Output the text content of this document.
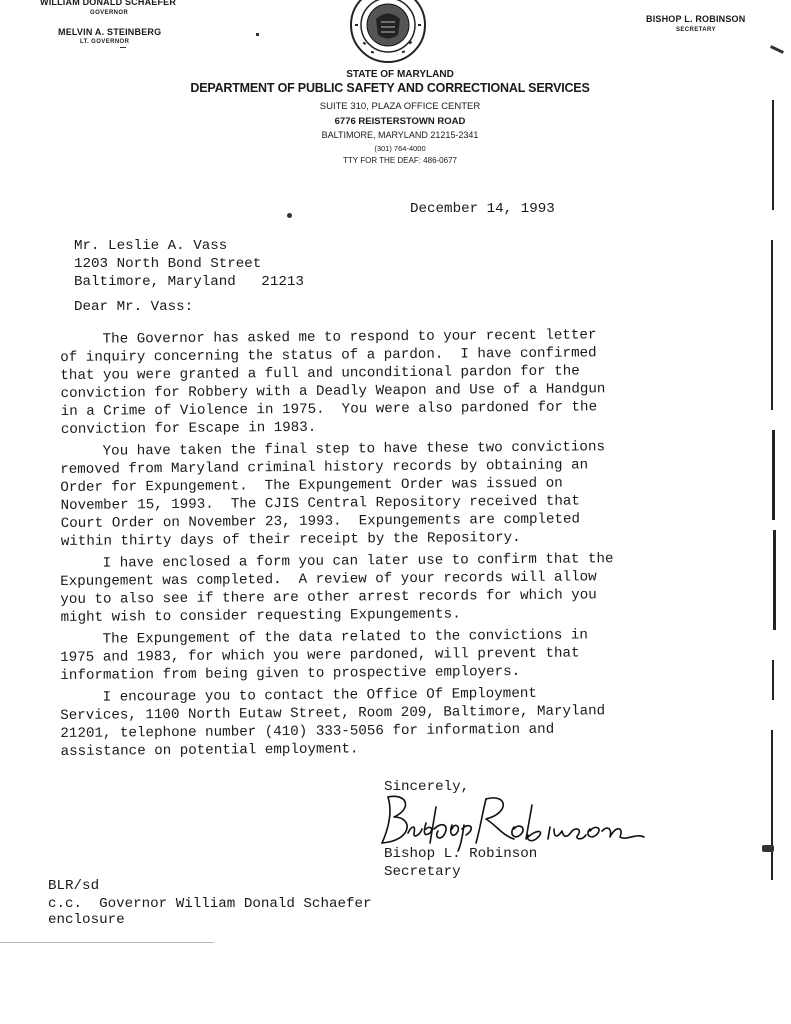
WILLIAM DONALD SCHAEFER
GOVERNOR
MELVIN A. STEINBERG
LT. GOVERNOR
BISHOP L. ROBINSON
SECRETARY
STATE OF MARYLAND
DEPARTMENT OF PUBLIC SAFETY AND CORRECTIONAL SERVICES
SUITE 310, PLAZA OFFICE CENTER
6776 REISTERSTOWN ROAD
BALTIMORE, MARYLAND 21215-2341
(301) 764-4000
TTY FOR THE DEAF: 486-0677
December 14, 1993
Mr. Leslie A. Vass
1203 North Bond Street
Baltimore, Maryland   21213
Dear Mr. Vass:
The Governor has asked me to respond to your recent letter
of inquiry concerning the status of a pardon.  I have confirmed
that you were granted a full and unconditional pardon for the
conviction for Robbery with a Deadly Weapon and Use of a Handgun
in a Crime of Violence in 1975.  You were also pardoned for the
conviction for Escape in 1983.
You have taken the final step to have these two convictions
removed from Maryland criminal history records by obtaining an
Order for Expungement.  The Expungement Order was issued on
November 15, 1993.  The CJIS Central Repository received that
Court Order on November 23, 1993.  Expungements are completed
within thirty days of their receipt by the Repository.
I have enclosed a form you can later use to confirm that the
Expungement was completed.  A review of your records will allow
you to also see if there are other arrest records for which you
might wish to consider requesting Expungements.
The Expungement of the data related to the convictions in
1975 and 1983, for which you were pardoned, will prevent that
information from being given to prospective employers.
I encourage you to contact the Office Of Employment
Services, 1100 North Eutaw Street, Room 209, Baltimore, Maryland
21201, telephone number (410) 333-5056 for information and
assistance on potential employment.
Sincerely,
Bishop L. Robinson
Secretary
BLR/sd
c.c.  Governor William Donald Schaefer
enclosure
